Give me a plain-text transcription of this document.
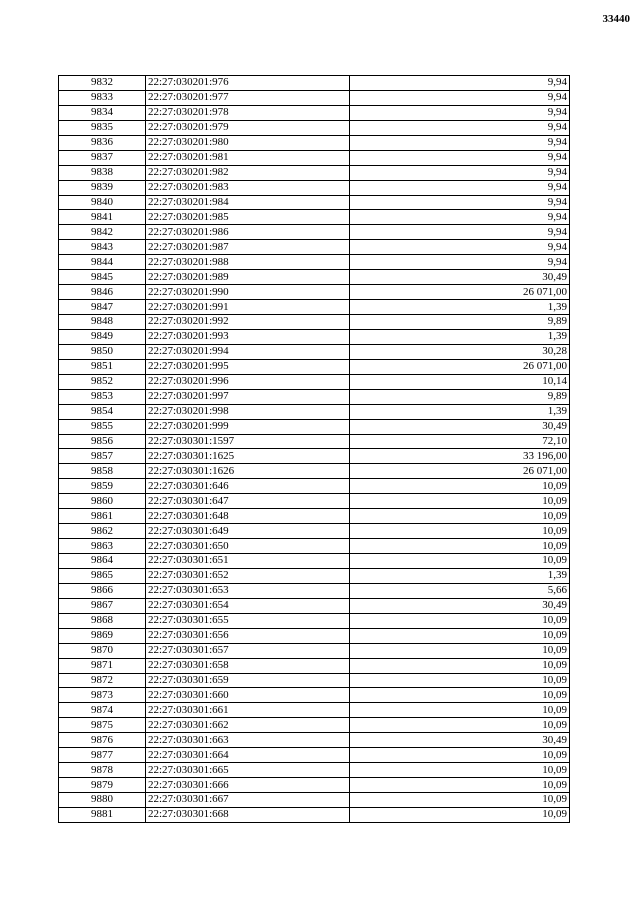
33440
9832	22:27:030201:976	9,94
9833	22:27:030201:977	9,94
9834	22:27:030201:978	9,94
9835	22:27:030201:979	9,94
9836	22:27:030201:980	9,94
9837	22:27:030201:981	9,94
9838	22:27:030201:982	9,94
9839	22:27:030201:983	9,94
9840	22:27:030201:984	9,94
9841	22:27:030201:985	9,94
9842	22:27:030201:986	9,94
9843	22:27:030201:987	9,94
9844	22:27:030201:988	9,94
9845	22:27:030201:989	30,49
9846	22:27:030201:990	26 071,00
9847	22:27:030201:991	1,39
9848	22:27:030201:992	9,89
9849	22:27:030201:993	1,39
9850	22:27:030201:994	30,28
9851	22:27:030201:995	26 071,00
9852	22:27:030201:996	10,14
9853	22:27:030201:997	9,89
9854	22:27:030201:998	1,39
9855	22:27:030201:999	30,49
9856	22:27:030301:1597	72,10
9857	22:27:030301:1625	33 196,00
9858	22:27:030301:1626	26 071,00
9859	22:27:030301:646	10,09
9860	22:27:030301:647	10,09
9861	22:27:030301:648	10,09
9862	22:27:030301:649	10,09
9863	22:27:030301:650	10,09
9864	22:27:030301:651	10,09
9865	22:27:030301:652	1,39
9866	22:27:030301:653	5,66
9867	22:27:030301:654	30,49
9868	22:27:030301:655	10,09
9869	22:27:030301:656	10,09
9870	22:27:030301:657	10,09
9871	22:27:030301:658	10,09
9872	22:27:030301:659	10,09
9873	22:27:030301:660	10,09
9874	22:27:030301:661	10,09
9875	22:27:030301:662	10,09
9876	22:27:030301:663	30,49
9877	22:27:030301:664	10,09
9878	22:27:030301:665	10,09
9879	22:27:030301:666	10,09
9880	22:27:030301:667	10,09
9881	22:27:030301:668	10,09
